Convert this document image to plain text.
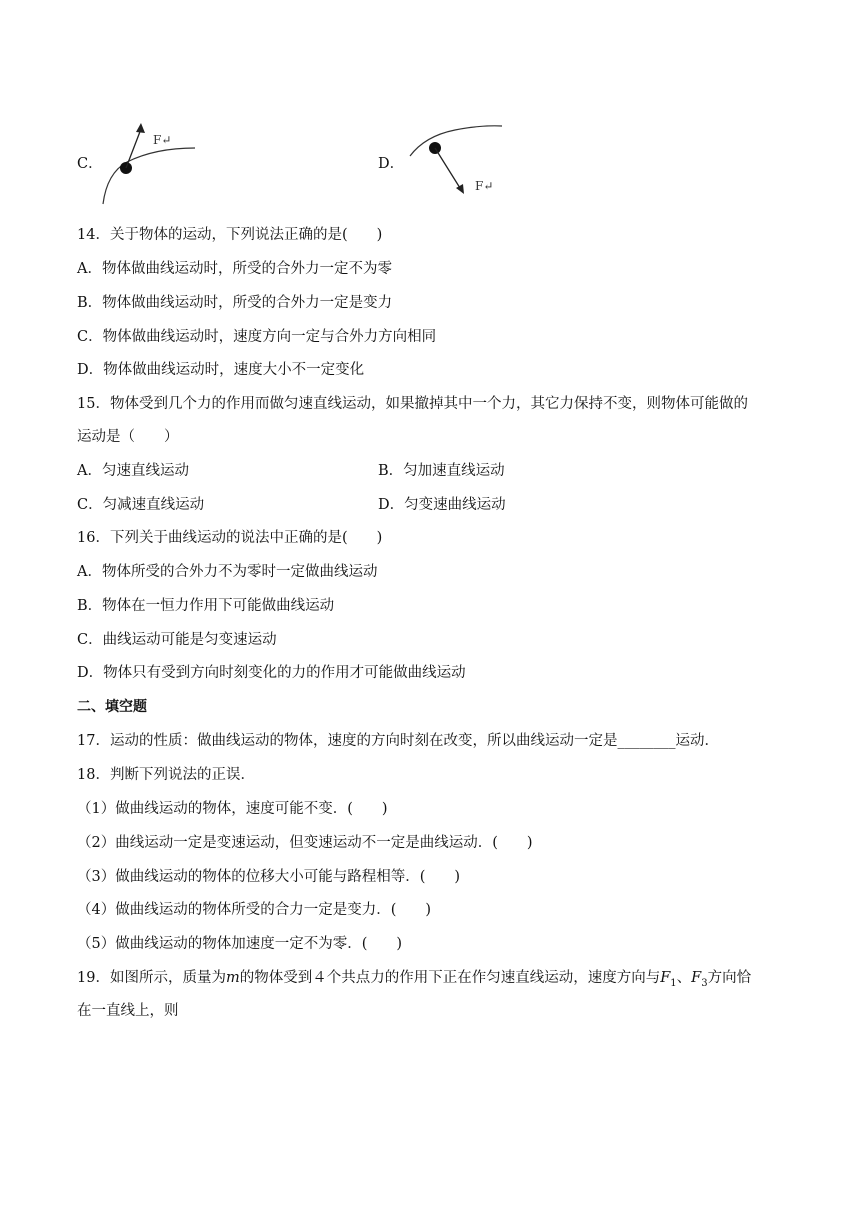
C．
F↵
D．
F↵
14．关于物体的运动，下列说法正确的是(　　)
A．物体做曲线运动时，所受的合外力一定不为零
B．物体做曲线运动时，所受的合外力一定是变力
C．物体做曲线运动时，速度方向一定与合外力方向相同
D．物体做曲线运动时，速度大小不一定变化
15．物体受到几个力的作用而做匀速直线运动，如果撤掉其中一个力，其它力保持不变，则物体可能做的
运动是（　　）
A．匀速直线运动	B．匀加速直线运动
C．匀减速直线运动	D．匀变速曲线运动
16．下列关于曲线运动的说法中正确的是(　　)
A．物体所受的合外力不为零时一定做曲线运动
B．物体在一恒力作用下可能做曲线运动
C．曲线运动可能是匀变速运动
D．物体只有受到方向时刻变化的力的作用才可能做曲线运动
二、填空题
17．运动的性质：做曲线运动的物体，速度的方向时刻在改变，所以曲线运动一定是________运动．
18．判断下列说法的正误．
（1）做曲线运动的物体，速度可能不变．(　　)
（2）曲线运动一定是变速运动，但变速运动不一定是曲线运动．(　　)
（3）做曲线运动的物体的位移大小可能与路程相等．(　　)
（4）做曲线运动的物体所受的合力一定是变力．(　　)
（5）做曲线运动的物体加速度一定不为零．(　　)
19．如图所示，质量为m的物体受到４个共点力的作用下正在作匀速直线运动，速度方向与$F_1$、$F_3$方向恰
在一直线上，则
